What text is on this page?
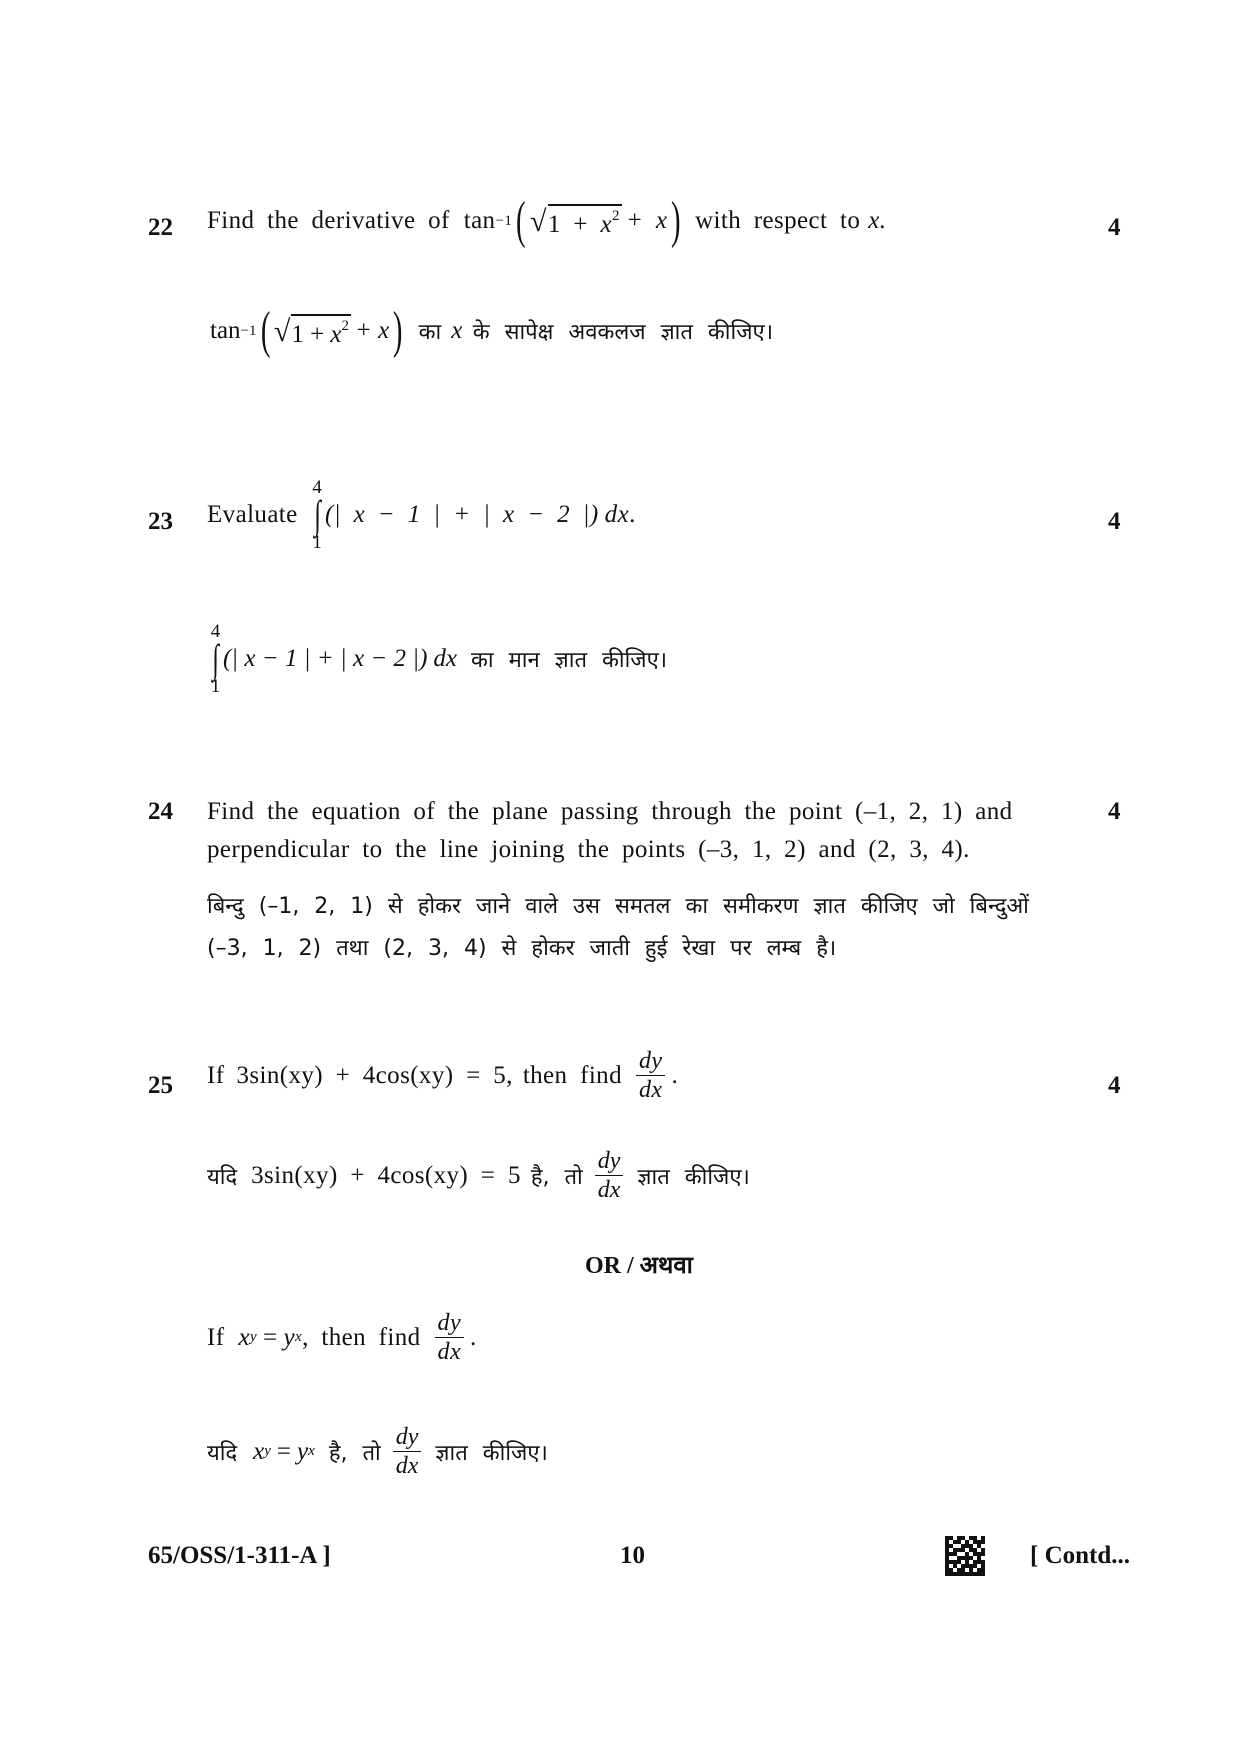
22 Find the derivative of tan −1 ( √ $1 + x^2 + x$ ) with respect to x.	4
tan −1 ( √ $1 + x^2 + x$ ) का x के सापेक्ष अवकलज ज्ञात कीजिए।
23 Evaluate
4
∫
1
(| x − 1 | + | x − 2 |) dx .	4
4
∫
1
(| x − 1 | + | x − 2 |) dx का मान ज्ञात कीजिए।
24 Find the equation of the plane passing through the point (–1, 2, 1) and
perpendicular to the line joining the points (–3, 1, 2) and (2, 3, 4).
4
बिन्दु (–1, 2, 1) से होकर जाने वाले उस समतल का समीकरण ज्ञात कीजिए जो बिन्दुओं
(–3, 1, 2) तथा (2, 3, 4) से होकर जाती हुई रेखा पर लम्ब है।
25 If 3sin(xy) + 4cos(xy) = 5, then find $\frac{dy}{dx}$ .	4
यदि 3sin(xy) + 4cos(xy) = 5 है, तो $\frac{dy}{dx}$ ज्ञात कीजिए।
OR / अथवा
If x y = y x , then find $\frac{dy}{dx}$ .
यदि x y = y x है, तो $\frac{dy}{dx}$ ज्ञात कीजिए।
65/OSS/1-311-A ]	10	[ Contd...
